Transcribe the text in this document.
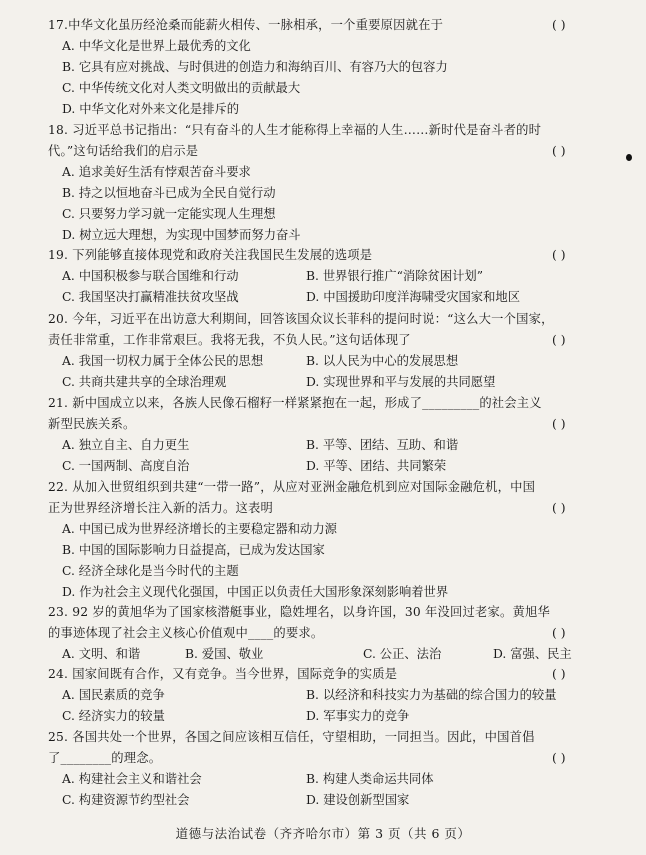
17.中华文化虽历经沧桑而能薪火相传、一脉相承，一个重要原因就在于	( )
A. 中华文化是世界上最优秀的文化
B. 它具有应对挑战、与时俱进的创造力和海纳百川、有容乃大的包容力
C. 中华传统文化对人类文明做出的贡献最大
D. 中华文化对外来文化是排斥的
18. 习近平总书记指出：“只有奋斗的人生才能称得上幸福的人生……新时代是奋斗者的时
代。”这句话给我们的启示是	( )
A. 追求美好生活有悖艰苦奋斗要求
B. 持之以恒地奋斗已成为全民自觉行动
C. 只要努力学习就一定能实现人生理想
D. 树立远大理想，为实现中国梦而努力奋斗
19. 下列能够直接体现党和政府关注我国民生发展的选项是	( )
A. 中国积极参与联合国维和行动	B. 世界银行推广“消除贫困计划”
C. 我国坚决打赢精准扶贫攻坚战	D. 中国援助印度洋海啸受灾国家和地区
20. 今年，习近平在出访意大利期间，回答该国众议长菲科的提问时说：“这么大一个国家，
责任非常重，工作非常艰巨。我将无我，不负人民。”这句话体现了	( )
A. 我国一切权力属于全体公民的思想	B. 以人民为中心的发展思想
C. 共商共建共享的全球治理观	D. 实现世界和平与发展的共同愿望
21. 新中国成立以来，各族人民像石榴籽一样紧紧抱在一起，形成了_________的社会主义
新型民族关系。	( )
A. 独立自主、自力更生	B. 平等、团结、互助、和谐
C. 一国两制、高度自治	D. 平等、团结、共同繁荣
22. 从加入世贸组织到共建“一带一路”，从应对亚洲金融危机到应对国际金融危机，中国
正为世界经济增长注入新的活力。这表明	( )
A. 中国已成为世界经济增长的主要稳定器和动力源
B. 中国的国际影响力日益提高，已成为发达国家
C. 经济全球化是当今时代的主题
D. 作为社会主义现代化强国，中国正以负责任大国形象深刻影响着世界
23. 92 岁的黄旭华为了国家核潜艇事业，隐姓埋名，以身许国，30 年没回过老家。黄旭华
的事迹体现了社会主义核心价值观中____的要求。	( )
A. 文明、和谐	B. 爱国、敬业	C. 公正、法治	D. 富强、民主
24. 国家间既有合作，又有竞争。当今世界，国际竞争的实质是	( )
A. 国民素质的竞争	B. 以经济和科技实力为基础的综合国力的较量
C. 经济实力的较量	D. 军事实力的竞争
25. 各国共处一个世界，各国之间应该相互信任，守望相助，一同担当。因此，中国首倡
了________的理念。	( )
A. 构建社会主义和谐社会	B. 构建人类命运共同体
C. 构建资源节约型社会	D. 建设创新型国家
道德与法治试卷（齐齐哈尔市）第 3 页（共 6 页）
